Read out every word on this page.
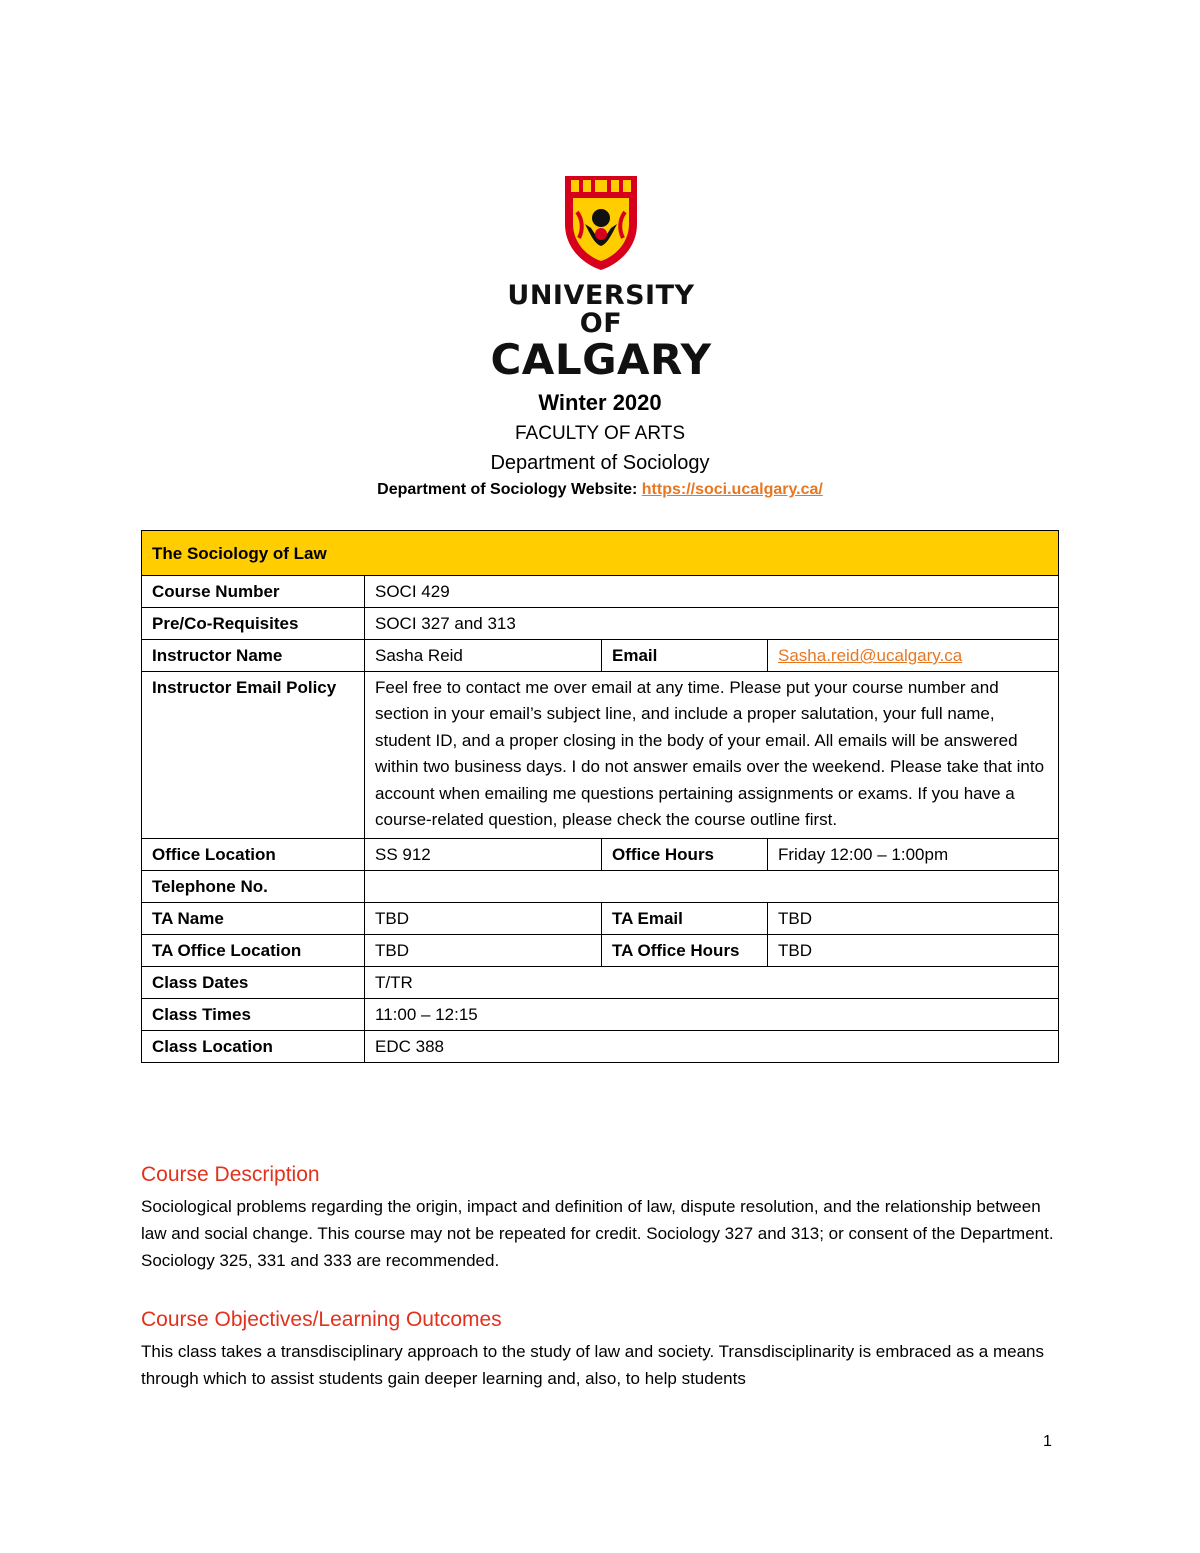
UNIVERSITY OF
CALGARY
Winter 2020
FACULTY OF ARTS
Department of Sociology
Department of Sociology Website: https://soci.ucalgary.ca/
The Sociology of Law			
Course Number	SOCI 429		
Pre/Co-Requisites	SOCI 327 and 313		
Instructor Name	Sasha Reid	Email	Sasha.reid@ucalgary.ca
Instructor Email Policy	Feel free to contact me over email at any time. Please put your course number and section in your email’s subject line, and include a proper salutation, your full name, student ID, and a proper closing in the body of your email. All emails will be answered within two business days. I do not answer emails over the weekend. Please take that into account when emailing me questions pertaining assignments or exams. If you have a course-related question, please check the course outline first.		
Office Location	SS 912	Office Hours	Friday 12:00 – 1:00pm
Telephone No.			
TA Name	TBD	TA Email	TBD
TA Office Location	TBD	TA Office Hours	TBD
Class Dates	T/TR		
Class Times	11:00 – 12:15		
Class Location	EDC 388		
Course Description

Sociological problems regarding the origin, impact and definition of law, dispute resolution, and the relationship between law and social change. This course may not be repeated for credit. Sociology 327 and 313; or consent of the Department. Sociology 325, 331 and 333 are recommended.

Course Objectives/Learning Outcomes

This class takes a transdisciplinary approach to the study of law and society. Transdisciplinarity is embraced as a means through which to assist students gain deeper learning and, also, to help students

1
